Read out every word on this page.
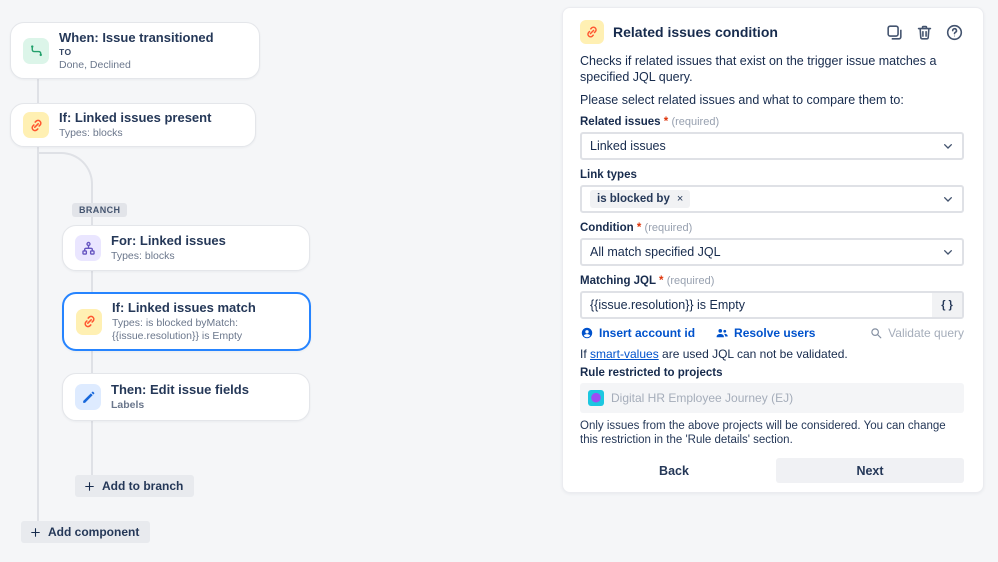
When: Issue transitioned
TO
Done, Declined
If: Linked issues present
Types: blocks
BRANCH
For: Linked issues
Types: blocks
If: Linked issues match
Types: is blocked byMatch: {{issue.resolution}} is Empty
Then: Edit issue fields
Labels
Add to branch
Add component
Related issues condition
Checks if related issues that exist on the trigger issue matches a specified JQL query.
Please select related issues and what to compare them to:
Related issues * (required)
Linked issues
Link types
is blocked by ×
Condition * (required)
All match specified JQL
Matching JQL * (required)
{{issue.resolution}} is Empty
{ }
Insert account id	Resolve users	Validate query
If smart-values are used JQL can not be validated.
Rule restricted to projects
Digital HR Employee Journey (EJ)
Only issues from the above projects will be considered. You can change this restriction in the 'Rule details' section.
Back	Next
